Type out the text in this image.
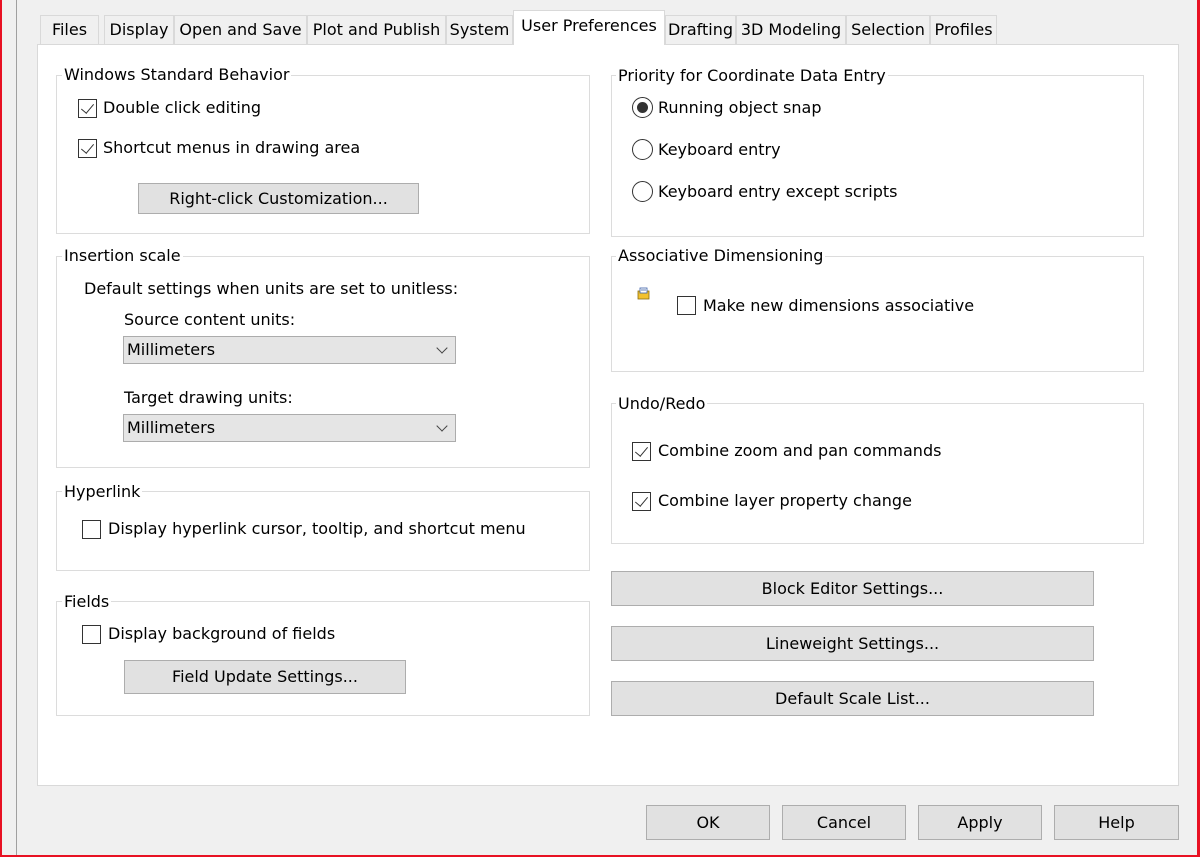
Files	Display Open and Save Plot and Publish System User Preferences Drafting 3D Modeling Selection Profiles
Windows Standard Behavior
Double click editing
Shortcut menus in drawing area
Right-click Customization...
Insertion scale
Default settings when units are set to unitless:
Source content units:
Millimeters
Target drawing units:
Millimeters
Hyperlink
Display hyperlink cursor, tooltip, and shortcut menu
Fields
Display background of fields
Field Update Settings...
Priority for Coordinate Data Entry
Running object snap
Keyboard entry
Keyboard entry except scripts
Associative Dimensioning
Make new dimensions associative
Undo/Redo
Combine zoom and pan commands
Combine layer property change
Block Editor Settings...
Lineweight Settings...
Default Scale List...
OK	Cancel	Apply	Help
